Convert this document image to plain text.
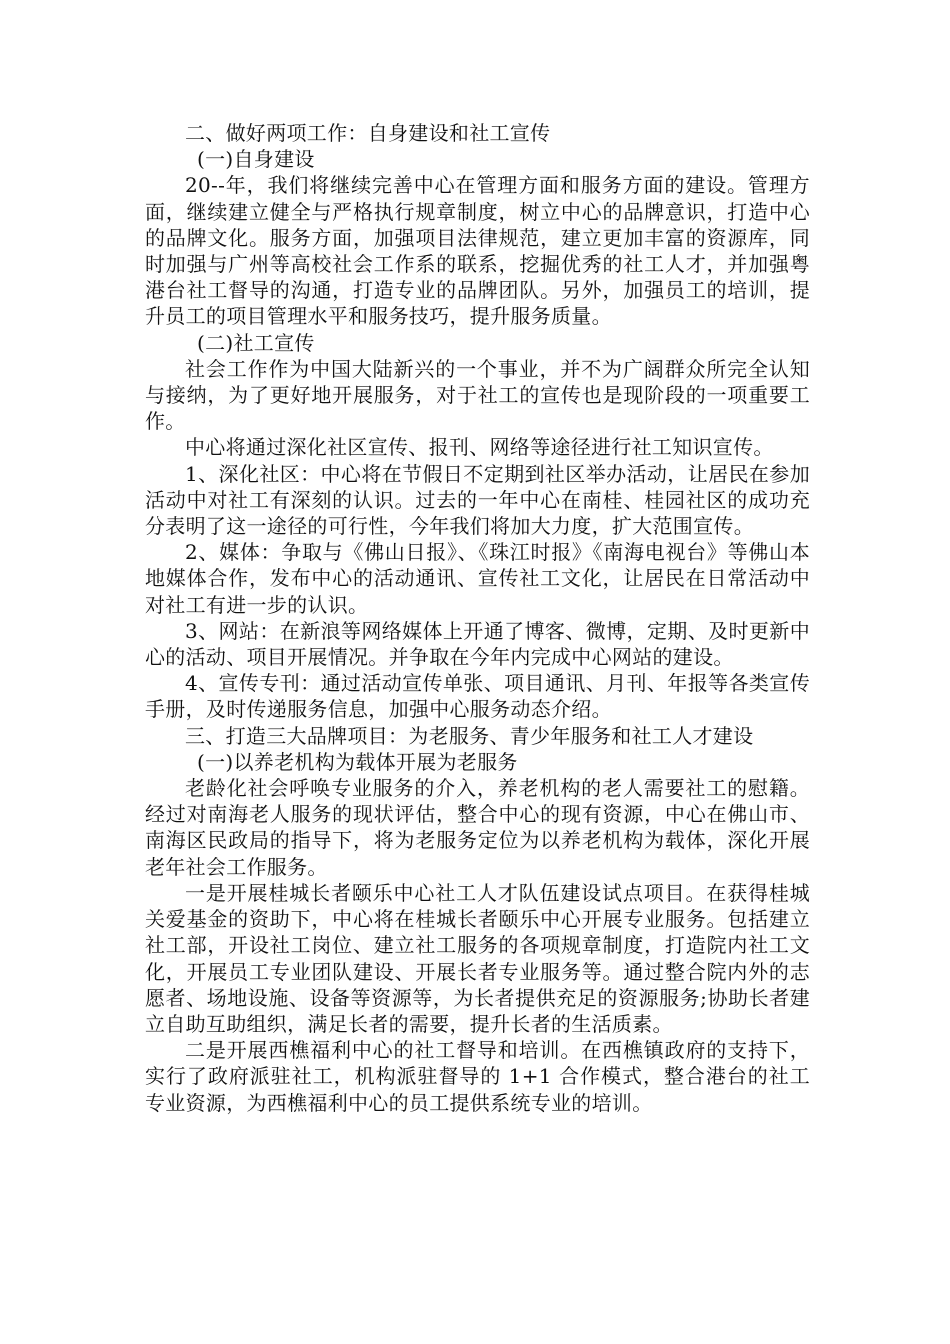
二、做好两项工作：自身建设和社工宣传

(一)自身建设

20--年，我们将继续完善中心在管理方面和服务方面的建设。管理方面，继续建立健全与严格执行规章制度，树立中心的品牌意识，打造中心的品牌文化。服务方面，加强项目法律规范，建立更加丰富的资源库，同时加强与广州等高校社会工作系的联系，挖掘优秀的社工人才，并加强粤港台社工督导的沟通，打造专业的品牌团队。另外，加强员工的培训，提升员工的项目管理水平和服务技巧，提升服务质量。

(二)社工宣传

社会工作作为中国大陆新兴的一个事业，并不为广阔群众所完全认知与接纳，为了更好地开展服务，对于社工的宣传也是现阶段的一项重要工作。

中心将通过深化社区宣传、报刊、网络等途径进行社工知识宣传。

1、深化社区：中心将在节假日不定期到社区举办活动，让居民在参加活动中对社工有深刻的认识。过去的一年中心在南桂、桂园社区的成功充分表明了这一途径的可行性，今年我们将加大力度，扩大范围宣传。

2、媒体：争取与《佛山日报》、《珠江时报》《南海电视台》等佛山本地媒体合作，发布中心的活动通讯、宣传社工文化，让居民在日常活动中对社工有进一步的认识。

3、网站：在新浪等网络媒体上开通了博客、微博，定期、及时更新中心的活动、项目开展情况。并争取在今年内完成中心网站的建设。

4、宣传专刊：通过活动宣传单张、项目通讯、月刊、年报等各类宣传手册，及时传递服务信息，加强中心服务动态介绍。

三、打造三大品牌项目：为老服务、青少年服务和社工人才建设

(一)以养老机构为载体开展为老服务

老龄化社会呼唤专业服务的介入，养老机构的老人需要社工的慰籍。经过对南海老人服务的现状评估，整合中心的现有资源，中心在佛山市、南海区民政局的指导下，将为老服务定位为以养老机构为载体，深化开展老年社会工作服务。

一是开展桂城长者颐乐中心社工人才队伍建设试点项目。在获得桂城关爱基金的资助下，中心将在桂城长者颐乐中心开展专业服务。包括建立社工部，开设社工岗位、建立社工服务的各项规章制度，打造院内社工文化，开展员工专业团队建设、开展长者专业服务等。通过整合院内外的志愿者、场地设施、设备等资源等，为长者提供充足的资源服务;协助长者建立自助互助组织，满足长者的需要，提升长者的生活质素。

二是开展西樵福利中心的社工督导和培训。在西樵镇政府的支持下，实行了政府派驻社工，机构派驻督导的 1+1 合作模式，整合港台的社工专业资源，为西樵福利中心的员工提供系统专业的培训。
